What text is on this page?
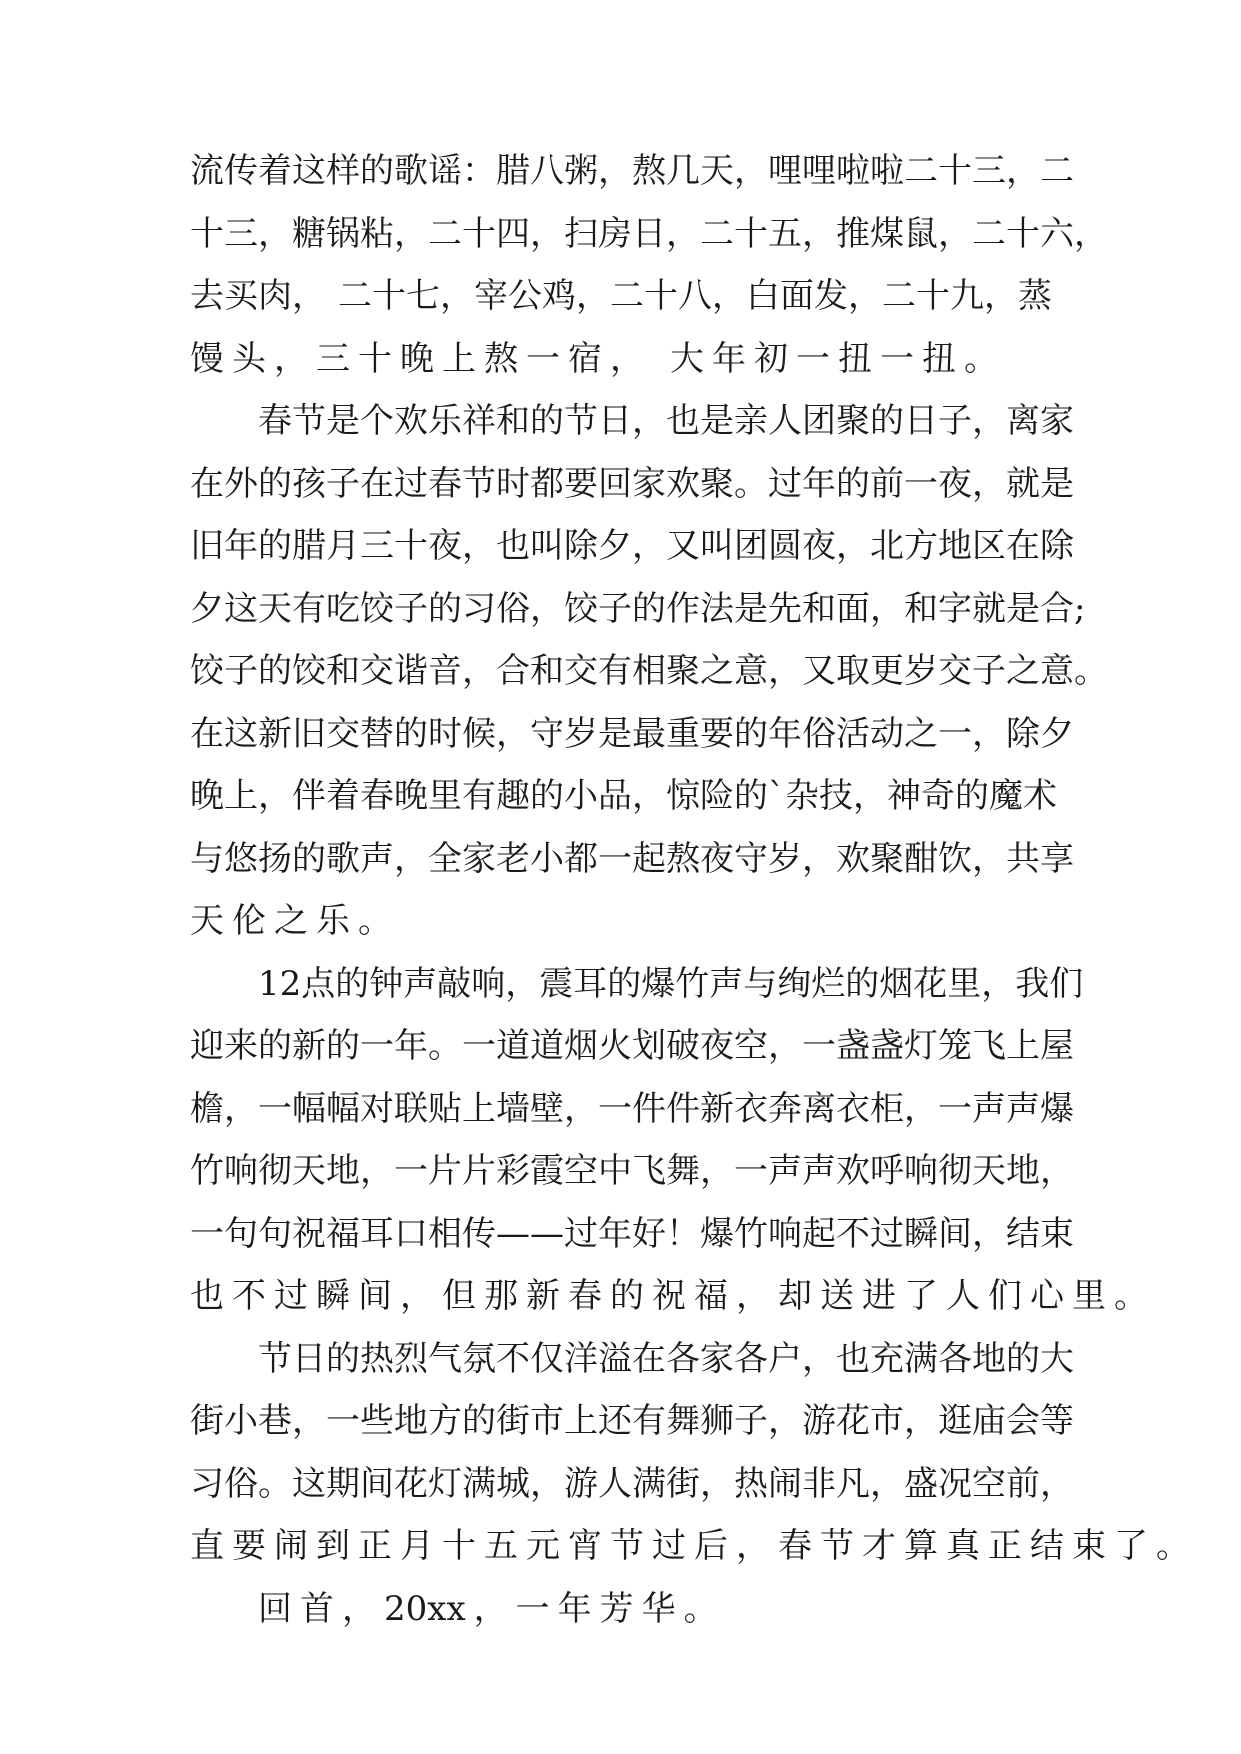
流 传 着 这 样 的 歌 谣 ： 腊 八 粥 ， 熬 几 天 ， 哩 哩 啦 啦 二 十 三 ， 二
十 三 ， 糖 锅 粘 ， 二 十 四 ， 扫 房 日 ， 二 十 五 ， 推 煤 鼠 ， 二 十 六 ，
去 买 肉 ， 二 十 七 ， 宰 公 鸡 ， 二 十 八 ， 白 面 发 ， 二 十 九 ， 蒸
馒 头 ， 三 十 晚 上 熬 一 宿 ， 大 年 初 一 扭 一 扭 。
春 节 是 个 欢 乐 祥 和 的 节 日 ， 也 是 亲 人 团 聚 的 日 子 ， 离 家
在 外 的 孩 子 在 过 春 节 时 都 要 回 家 欢 聚 。 过 年 的 前 一 夜 ， 就 是
旧 年 的 腊 月 三 十 夜 ， 也 叫 除 夕 ， 又 叫 团 圆 夜 ， 北 方 地 区 在 除
夕 这 天 有 吃 饺 子 的 习 俗 ， 饺 子 的 作 法 是 先 和 面 ， 和 字 就 是 合 ;
饺 子 的 饺 和 交 谐 音 ， 合 和 交 有 相 聚 之 意 ， 又 取 更 岁 交 子 之 意 。
在 这 新 旧 交 替 的 时 候 ， 守 岁 是 最 重 要 的 年 俗 活 动 之 一 ， 除 夕
晚 上 ， 伴 着 春 晚 里 有 趣 的 小 品 ， 惊 险 的 ` 杂 技 ， 神 奇 的 魔 术
与 悠 扬 的 歌 声 ， 全 家 老 小 都 一 起 熬 夜 守 岁 ， 欢 聚 酣 饮 ， 共 享
天 伦 之 乐 。
12 点 的 钟 声 敲 响 ， 震 耳 的 爆 竹 声 与 绚 烂 的 烟 花 里 ， 我 们
迎 来 的 新 的 一 年 。 一 道 道 烟 火 划 破 夜 空 ， 一 盏 盏 灯 笼 飞 上 屋
檐 ， 一 幅 幅 对 联 贴 上 墙 壁 ， 一 件 件 新 衣 奔 离 衣 柜 ， 一 声 声 爆
竹 响 彻 天 地 ， 一 片 片 彩 霞 空 中 飞 舞 ， 一 声 声 欢 呼 响 彻 天 地 ，
一 句 句 祝 福 耳 口 相 传 — — 过 年 好 ！ 爆 竹 响 起 不 过 瞬 间 ， 结 束
也 不 过 瞬 间 ， 但 那 新 春 的 祝 福 ， 却 送 进 了 人 们 心 里 。
节 日 的 热 烈 气 氛 不 仅 洋 溢 在 各 家 各 户 ， 也 充 满 各 地 的 大
街 小 巷 ， 一 些 地 方 的 街 市 上 还 有 舞 狮 子 ， 游 花 市 ， 逛 庙 会 等
习 俗 。 这 期 间 花 灯 满 城 ， 游 人 满 街 ， 热 闹 非 凡 ， 盛 况 空 前 ，
直 要 闹 到 正 月 十 五 元 宵 节 过 后 ， 春 节 才 算 真 正 结 束 了 。
回 首 ， 20xx ， 一 年 芳 华 。
